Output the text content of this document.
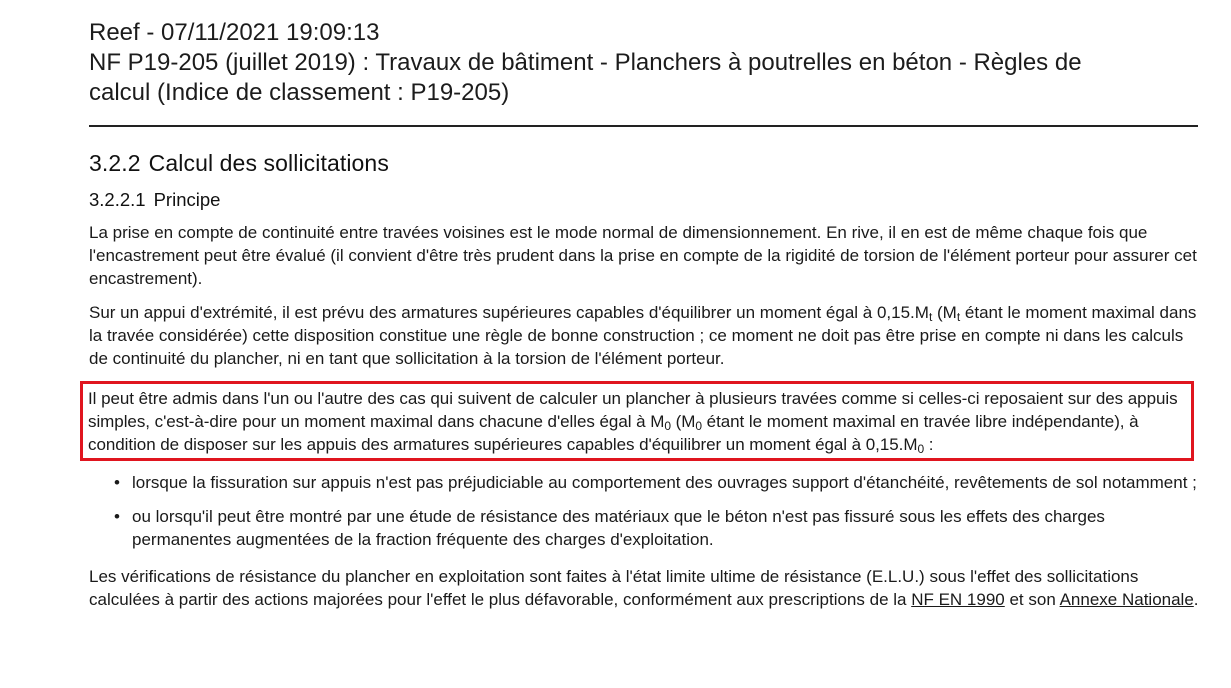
Reef - 07/11/2021 19:09:13
NF P19-205 (juillet 2019) : Travaux de bâtiment - Planchers à poutrelles en béton - Règles de
calcul (Indice de classement : P19-205)
3.2.2 Calcul des sollicitations
3.2.2.1 Principe

La prise en compte de continuité entre travées voisines est le mode normal de dimensionnement. En rive, il en est de même chaque fois que l'encastrement peut être évalué (il convient d'être très prudent dans la prise en compte de la rigidité de torsion de l'élément porteur pour assurer cet encastrement).

Sur un appui d'extrémité, il est prévu des armatures supérieures capables d'équilibrer un moment égal à $0,15.M_t$ ($M_t$ étant le moment maximal dans la travée considérée) cette disposition constitue une règle de bonne construction ; ce moment ne doit pas être prise en compte ni dans les calculs de continuité du plancher, ni en tant que sollicitation à la torsion de l'élément porteur.

Il peut être admis dans l'un ou l'autre des cas qui suivent de calculer un plancher à plusieurs travées comme si celles-ci reposaient sur des appuis simples, c'est-à-dire pour un moment maximal dans chacune d'elles égal à $M_0$ ($M_0$ étant le moment maximal en travée libre indépendante), à condition de disposer sur les appuis des armatures supérieures capables d'équilibrer un moment égal à $0,15.M_0$ :

• lorsque la fissuration sur appuis n'est pas préjudiciable au comportement des ouvrages support d'étanchéité, revêtements de sol notamment ;
• ou lorsqu'il peut être montré par une étude de résistance des matériaux que le béton n'est pas fissuré sous les effets des charges permanentes augmentées de la fraction fréquente des charges d'exploitation.

Les vérifications de résistance du plancher en exploitation sont faites à l'état limite ultime de résistance (E.L.U.) sous l'effet des sollicitations calculées à partir des actions majorées pour l'effet le plus défavorable, conformément aux prescriptions de la NF EN 1990 et son Annexe Nationale.
